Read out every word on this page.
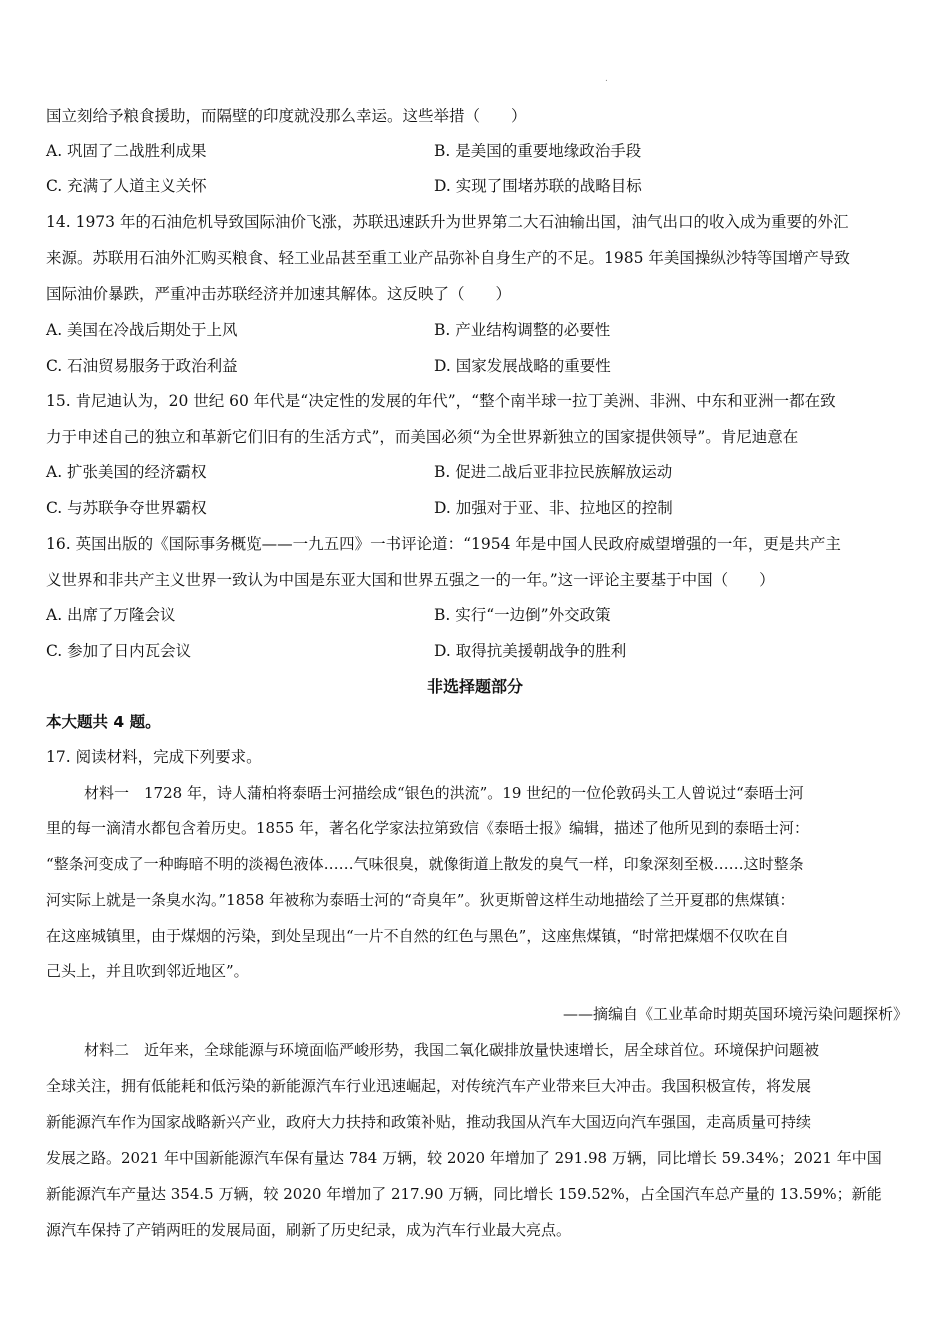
.
国立刻给予粮食援助，而隔壁的印度就没那么幸运。这些举措（　　）
A. 巩固了二战胜利成果	B. 是美国的重要地缘政治手段
C. 充满了人道主义关怀	D. 实现了围堵苏联的战略目标
14. 1973 年的石油危机导致国际油价飞涨，苏联迅速跃升为世界第二大石油输出国，油气出口的收入成为重要的外汇
来源。苏联用石油外汇购买粮食、轻工业品甚至重工业产品弥补自身生产的不足。1985 年美国操纵沙特等国增产导致
国际油价暴跌，严重冲击苏联经济并加速其解体。这反映了（　　）
A. 美国在冷战后期处于上风	B. 产业结构调整的必要性
C. 石油贸易服务于政治利益	D. 国家发展战略的重要性
15. 肯尼迪认为，20 世纪 60 年代是“决定性的发展的年代”，“整个南半球一拉丁美洲、非洲、中东和亚洲一都在致
力于申述自己的独立和革新它们旧有的生活方式”，而美国必须“为全世界新独立的国家提供领导”。肯尼迪意在
A. 扩张美国的经济霸权	B. 促进二战后亚非拉民族解放运动
C. 与苏联争夺世界霸权	D. 加强对于亚、非、拉地区的控制
16. 英国出版的《国际事务概览——一九五四》一书评论道：“1954 年是中国人民政府威望增强的一年，更是共产主
义世界和非共产主义世界一致认为中国是东亚大国和世界五强之一的一年。”这一评论主要基于中国（　　）
A. 出席了万隆会议	B. 实行“一边倒”外交政策
C. 参加了日内瓦会议	D. 取得抗美援朝战争的胜利
非选择题部分
本大题共 4 题。
17. 阅读材料，完成下列要求。
材料一　1728 年，诗人蒲柏将泰晤士河描绘成“银色的洪流”。19 世纪的一位伦敦码头工人曾说过“泰晤士河
里的每一滴清水都包含着历史。1855 年，著名化学家法拉第致信《泰晤士报》编辑，描述了他所见到的泰晤士河：
“整条河变成了一种晦暗不明的淡褐色液体……气味很臭，就像街道上散发的臭气一样，印象深刻至极……这时整条
河实际上就是一条臭水沟。”1858 年被称为泰晤士河的“奇臭年”。狄更斯曾这样生动地描绘了兰开夏郡的焦煤镇：
在这座城镇里，由于煤烟的污染，到处呈现出“一片不自然的红色与黑色”，这座焦煤镇，“时常把煤烟不仅吹在自
己头上，并且吹到邻近地区”。
——摘编自《工业革命时期英国环境污染问题探析》
材料二　近年来，全球能源与环境面临严峻形势，我国二氧化碳排放量快速增长，居全球首位。环境保护问题被
全球关注，拥有低能耗和低污染的新能源汽车行业迅速崛起，对传统汽车产业带来巨大冲击。我国积极宣传，将发展
新能源汽车作为国家战略新兴产业，政府大力扶持和政策补贴，推动我国从汽车大国迈向汽车强国，走高质量可持续
发展之路。2021 年中国新能源汽车保有量达 784 万辆，较 2020 年增加了 291.98 万辆，同比增长 59.34%；2021 年中国
新能源汽车产量达 354.5 万辆，较 2020 年增加了 217.90 万辆，同比增长 159.52%，占全国汽车总产量的 13.59%；新能
源汽车保持了产销两旺的发展局面，刷新了历史纪录，成为汽车行业最大亮点。
